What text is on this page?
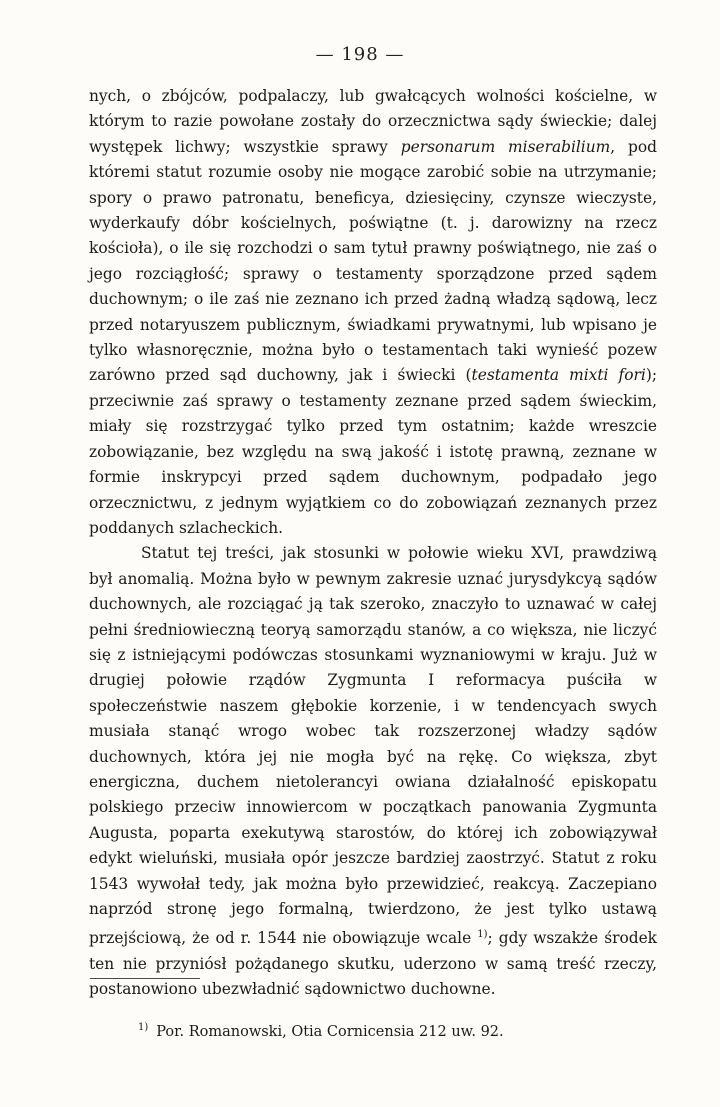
— 198 —

nych, o zbójców, podpalaczy, lub gwałcących wolności kościelne, w którym to razie powołane zostały do orzecznictwa sądy świeckie; dalej występek lichwy; wszystkie sprawy personarum miserabilium, pod któremi statut rozumie osoby nie mogące zarobić sobie na utrzymanie; spory o prawo patronatu, beneficya, dziesięciny, czynsze wieczyste, wyderkaufy dóbr kościelnych, poświątne (t. j. darowizny na rzecz kościoła), o ile się rozchodzi o sam tytuł prawny poświątnego, nie zaś o jego rozciągłość; sprawy o testamenty sporządzone przed sądem duchownym; o ile zaś nie zeznano ich przed żadną władzą sądową, lecz przed notaryuszem publicznym, świadkami prywatnymi, lub wpisano je tylko własnoręcznie, można było o testamentach taki wynieść pozew zarówno przed sąd duchowny, jak i świecki (testamenta mixti fori); przeciwnie zaś sprawy o testamenty zeznane przed sądem świeckim, miały się rozstrzygać tylko przed tym ostatnim; każde wreszcie zobowiązanie, bez względu na swą jakość i istotę prawną, zeznane w formie inskrypcyi przed sądem duchownym, podpadało jego orzecznictwu, z jednym wyjątkiem co do zobowiązań zeznanych przez poddanych szlacheckich.

Statut tej treści, jak stosunki w połowie wieku XVI, prawdziwą był anomalią. Można było w pewnym zakresie uznać jurysdykcyą sądów duchownych, ale rozciągać ją tak szeroko, znaczyło to uznawać w całej pełni średniowieczną teoryą samorządu stanów, a co większa, nie liczyć się z istniejącymi podówczas stosunkami wyznaniowymi w kraju. Już w drugiej połowie rządów Zygmunta I reformacya puściła w społeczeństwie naszem głębokie korzenie, i w tendencyach swych musiała stanąć wrogo wobec tak rozszerzonej władzy sądów duchownych, która jej nie mogła być na rękę. Co większa, zbyt energiczna, duchem nietolerancyi owiana działalność episkopatu polskiego przeciw innowiercom w początkach panowania Zygmunta Augusta, poparta exekutywą starostów, do której ich zobowiązywał edykt wieluński, musiała opór jeszcze bardziej zaostrzyć. Statut z roku 1543 wywołał tedy, jak można było przewidzieć, reakcyą. Zaczepiano naprzód stronę jego formalną, twierdzono, że jest tylko ustawą przejściową, że od r. 1544 nie obowiązuje wcale $^{1)}$; gdy wszakże środek ten nie przyniósł pożądanego skutku, uderzono w samą treść rzeczy, postanowiono ubezwładnić sądownictwo duchowne.

$^{1)}$ Por. Romanowski, Otia Cornicensia 212 uw. 92.
